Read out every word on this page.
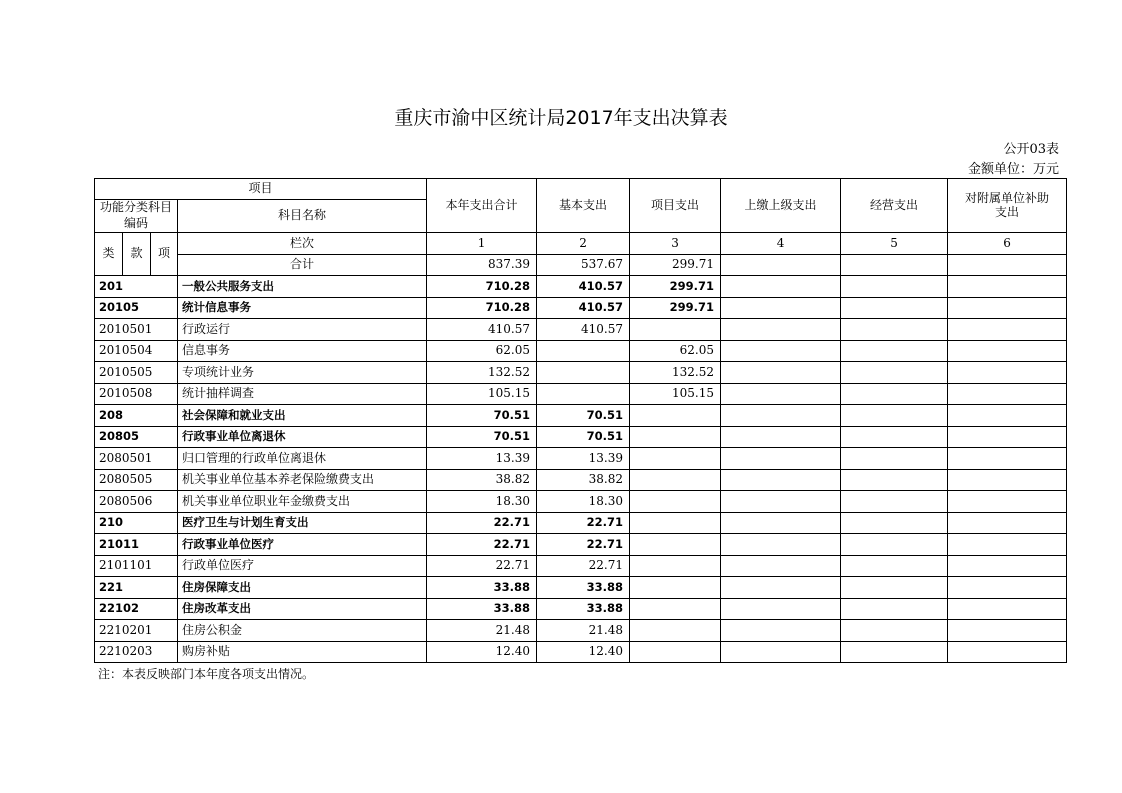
重庆市渝中区统计局2017年支出决算表
公开03表
金额单位：万元
项目				本年支出合计	基本支出	项目支出	上缴上级支出	经营支出	对附属单位补助支出
功能分类科目编码			科目名称						
类	款	项	栏次	1	2	3	4	5	6
			合计	837.39	537.67	299.71			
201			一般公共服务支出	710.28	410.57	299.71			
20105			统计信息事务	710.28	410.57	299.71			
2010501			行政运行	410.57	410.57				
2010504			信息事务	62.05		62.05			
2010505			专项统计业务	132.52		132.52			
2010508			统计抽样调查	105.15		105.15			
208			社会保障和就业支出	70.51	70.51				
20805			行政事业单位离退休	70.51	70.51				
2080501			归口管理的行政单位离退休	13.39	13.39				
2080505			机关事业单位基本养老保险缴费支出	38.82	38.82				
2080506			机关事业单位职业年金缴费支出	18.30	18.30				
210			医疗卫生与计划生育支出	22.71	22.71				
21011			行政事业单位医疗	22.71	22.71				
2101101			行政单位医疗	22.71	22.71				
221			住房保障支出	33.88	33.88				
22102			住房改革支出	33.88	33.88				
2210201			住房公积金	21.48	21.48				
2210203			购房补贴	12.40	12.40				
注：本表反映部门本年度各项支出情况。
